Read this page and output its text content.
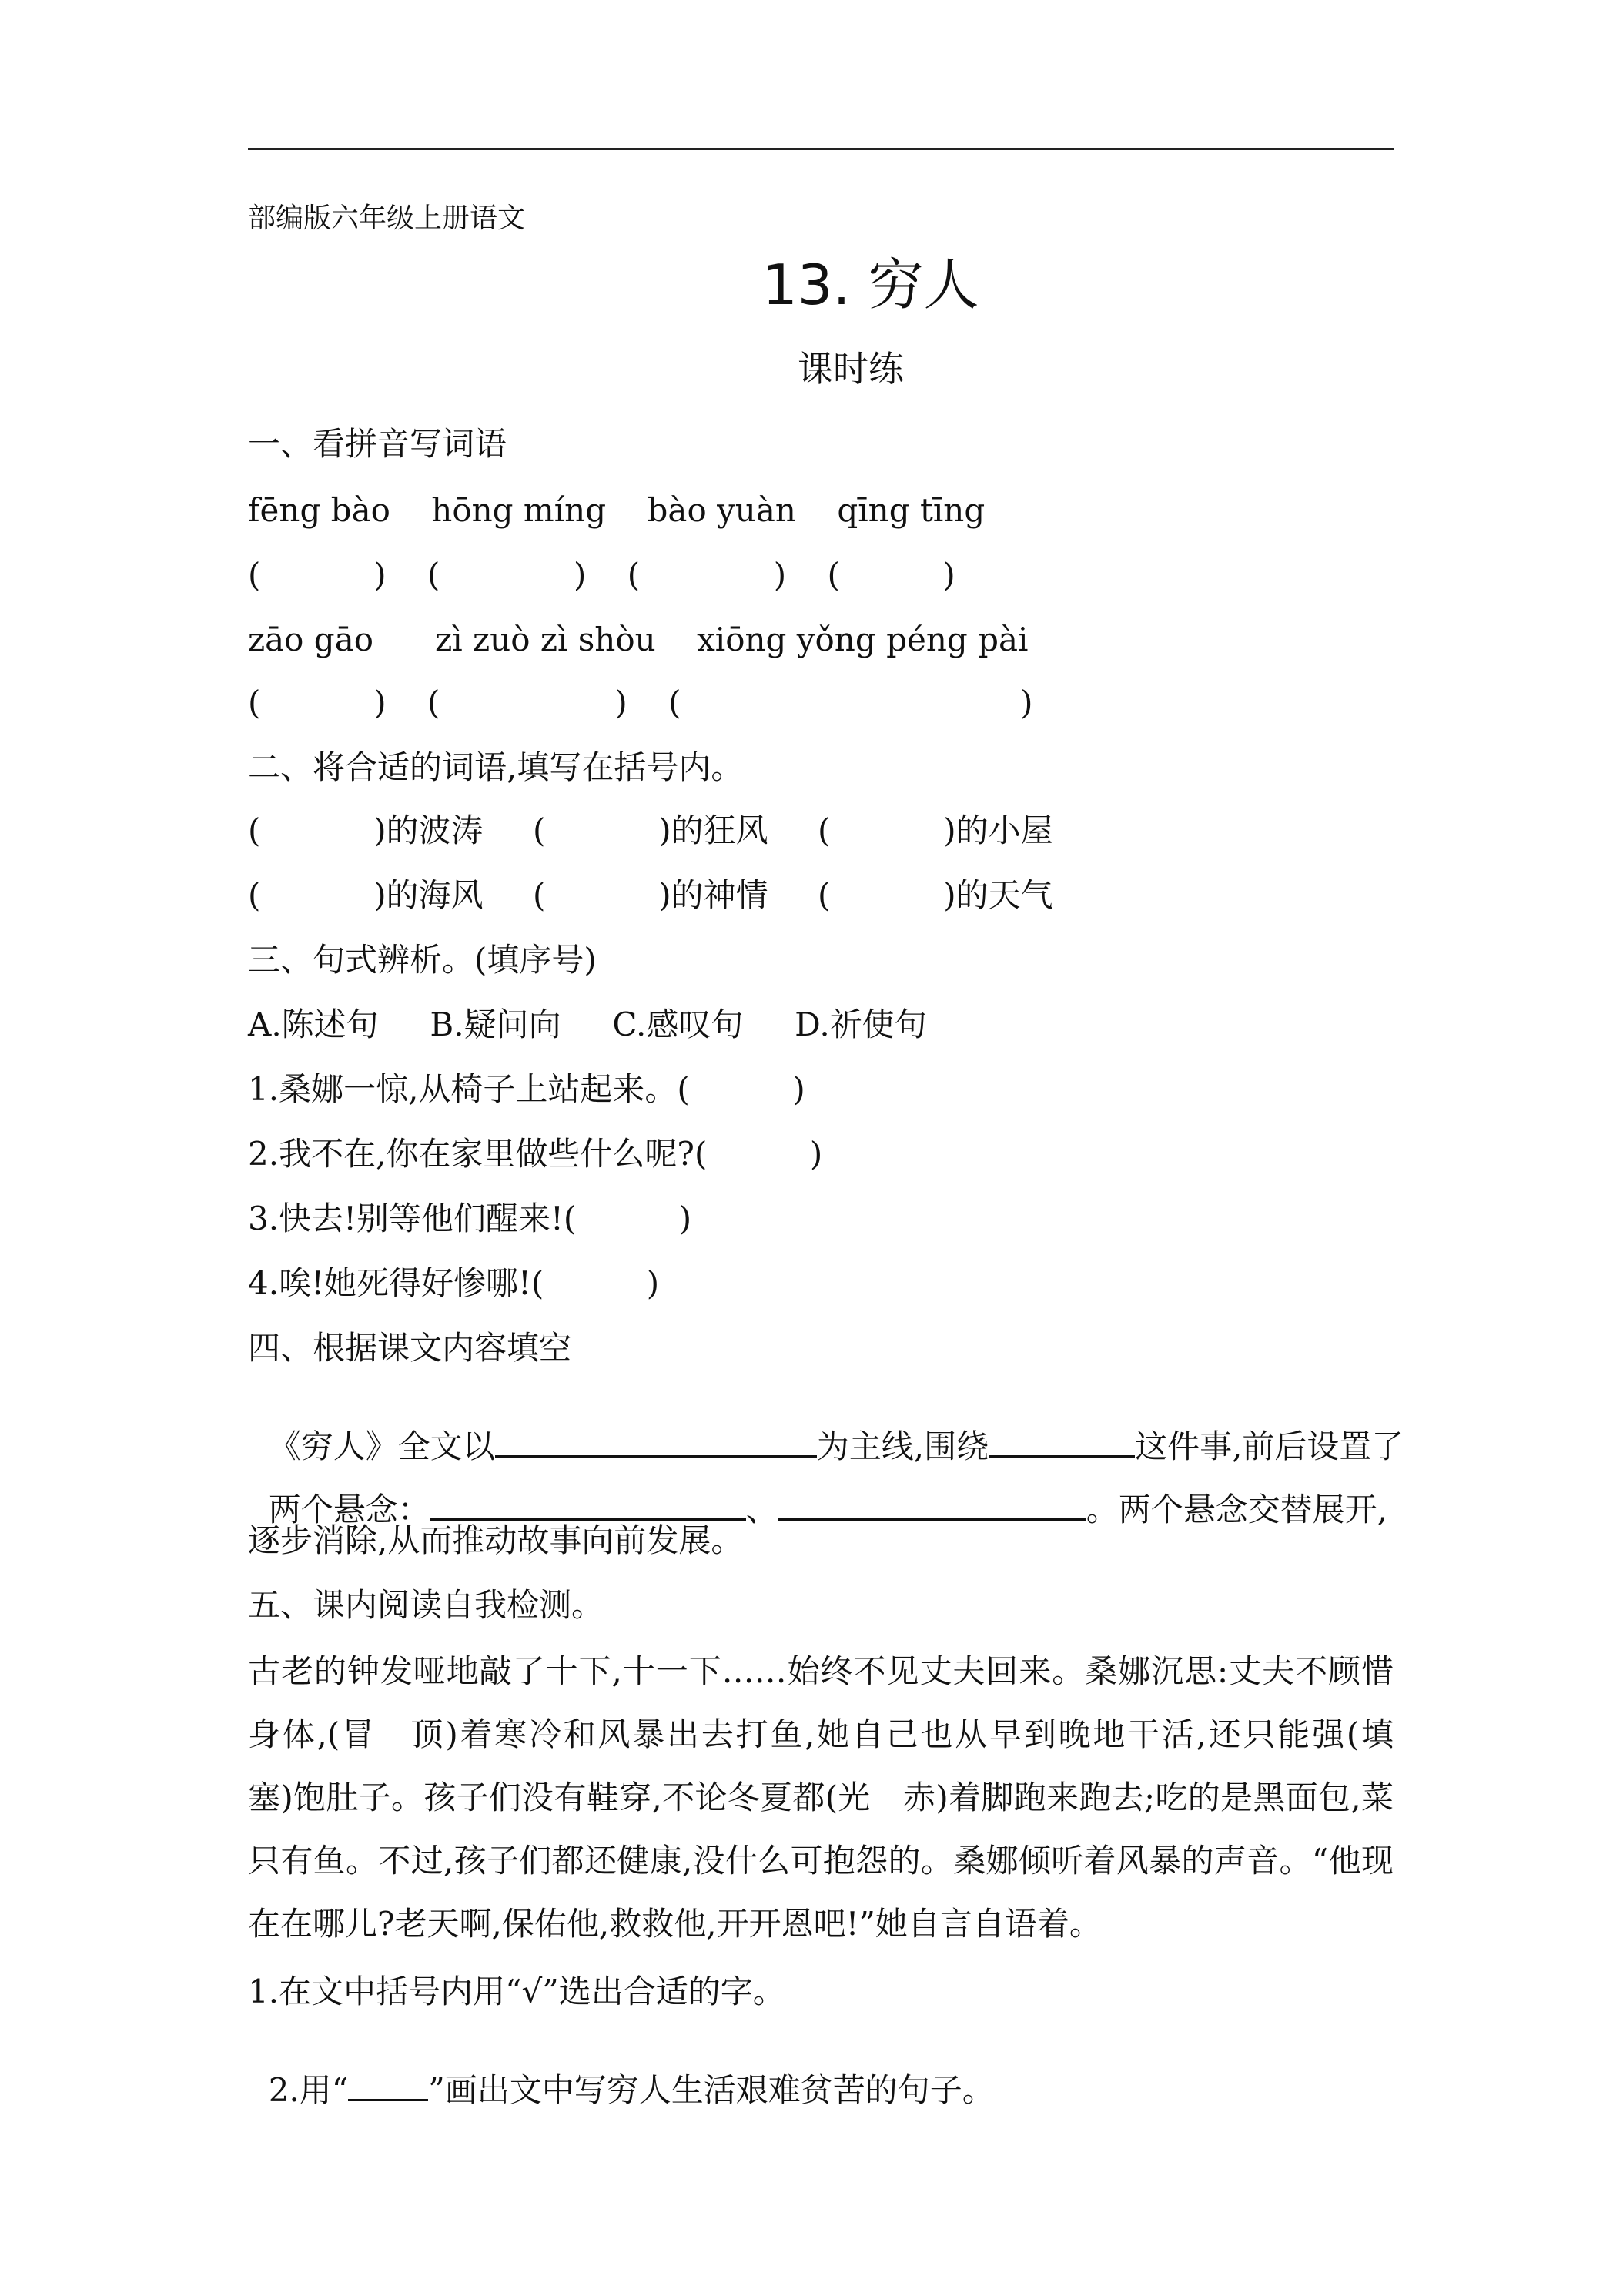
部编版六年级上册语文
13. 穷人
课时练
一、看拼音写词语
fēng bào    hōng míng    bào yuàn    qīng tīng
(           )    (             )    (             )    (          )
zāo gāo      zì zuò zì shòu    xiōng yǒng péng pài
(           )    (                 )    (                                 )
二、将合适的词语,填写在括号内。
(           )的波涛 (           )的狂风 (           )的小屋
(           )的海风 (           )的神情 (           )的天气
三、句式辨析。(填序号)
A.陈述句     B.疑问向     C.感叹句     D.祈使句
1.桑娜一惊,从椅子上站起来。(          )
2.我不在,你在家里做些什么呢?(          )
3.快去!别等他们醒来!(          )
4.唉!她死得好惨哪!(          )
四、根据课文内容填空

《穷人》全文以	为主线,围绕	这件事,前后设置了

两个悬念：	、	。两个悬念交替展开,

逐步消除,从而推动故事向前发展。
五、课内阅读自我检测。
古老的钟发哑地敲了十下,十一下……始终不见丈夫回来。桑娜沉思:丈夫不顾惜身体,(冒　顶)着寒冷和风暴出去打鱼,她自己也从早到晚地干活,还只能强(填　塞)饱肚子。孩子们没有鞋穿,不论冬夏都(光　赤)着脚跑来跑去;吃的是黑面包,菜只有鱼。不过,孩子们都还健康,没什么可抱怨的。桑娜倾听着风暴的声音。“他现在在哪儿?老天啊,保佑他,救救他,开开恩吧!”她自言自语着。
1.在文中括号内用“√”选出合适的字。

2.用“ ”画出文中写穷人生活艰难贫苦的句子。
